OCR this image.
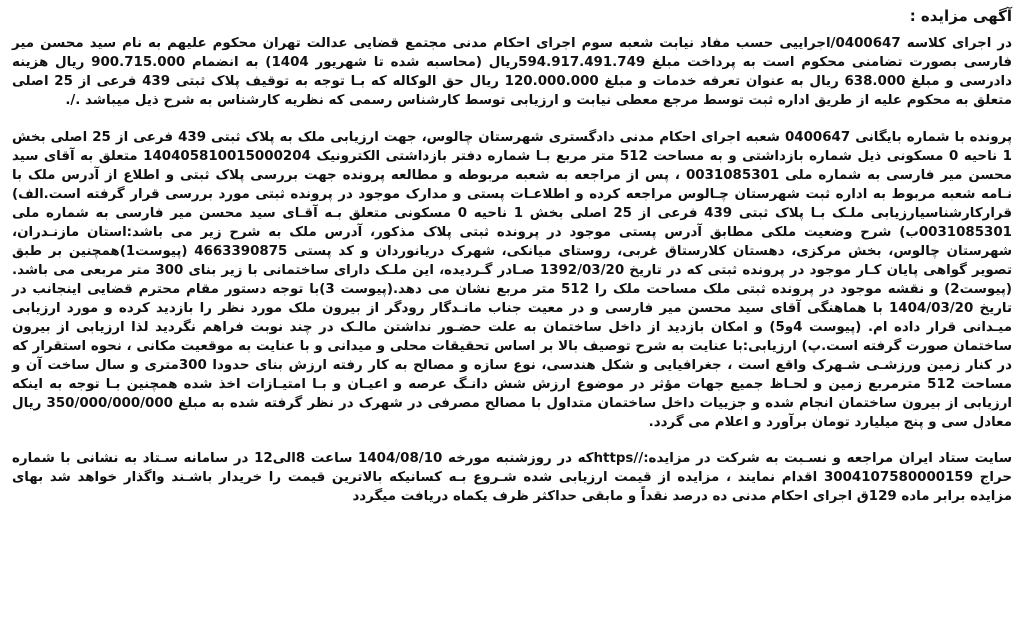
آگهی مزایده :

در اجرای کلاسه 0400647/اجراییی حسب مفاد نیابت شعبه سوم اجرای احکام مدنی مجتمع قضایی عدالت تهران محکوم علیهم به نام سید محسن میر فارسی بصورت تضامنی محکوم است به پرداخت مبلغ 594.917.491.749ریال (محاسبه شده تا شهریور 1404) به انضمام 900.715.000 ریال هزینه دادرسی و مبلغ 638.000 ریال به عنوان تعرفه خدمات و مبلغ 120.000.000 ریال حق الوکاله که بـا توجه به توقیف پلاک ثبتی 439 فرعی از 25 اصلی متعلق به محکوم علیه از طریق اداره ثبت توسط مرجع معطی نیابت و ارزیابی توسط کارشناس رسمی که نظریه کارشناس به شرح ذیل میباشد ./.

پرونده با شماره بایگانی 0400647 شعبه اجرای احکام مدنی دادگستری شهرستان چالوس، جهت ارزیابی ملک به پلاک ثبتی 439 فرعی از 25 اصلی بخش 1 ناحیه 0 مسکونی ذیل شماره بازداشتی و به مساحت 512 متر مربع بـا شماره دفتر بازداشتی الکترونیک 140405810015000204 متعلق به آقای سید محسن میر فارسی به شماره ملی 0031085301 ، پس از مراجعه به شعبه مربوطه و مطالعه پرونده جهت بررسی پلاک ثبتی و اطلاع از آدرس ملک با نـامه شعبه مربوط به اداره ثبت شهرستان چـالوس مراجعه کرده و اطلاعـات پستی و مدارک موجود در پرونده ثبتی مورد بررسی قرار گرفته است.الف) قرارکارشناسیارزیابی ملـک بـا پلاک ثبتی 439 فرعی از 25 اصلی بخش 1 ناحیه 0 مسکونی متعلق بـه آقـای سید محسن میر فارسی به شماره ملی 0031085301ب) شرح وضعیت ملکی مطابق آدرس پستی موجود در پرونده ثبتی پلاک مذکور، آدرس ملک به شرح زیر می باشد:استان مازنـدران، شهرستان چالوس، بخش مرکزی، دهستان کلارستاق غربی، روستای میانکی، شهرک دریانوردان و کد پستی 4663390875 (پیوست1)همچنین بر طبق تصویر گواهی پایان کـار موجود در پرونده ثبتی که در تاریخ 1392/03/20 صـادر گـردیده، این ملـک دارای ساختمانی با زیر بنای 300 متر مربعی می باشد.(پیوست2) و نقشه موجود در پرونده ثبتی ملک مساحت ملک را 512 متر مربع نشان می دهد.(پیوست 3)با توجه دستور مقام محترم قضایی اینجانب در تاریخ 1404/03/20 با هماهنگی آقای سید محسن میر فارسی و در معیت جناب مانـدگار رودگر از بیرون ملک مورد نظر را بازدید کرده و مورد ارزیابی میـدانی قرار داده ام. (پیوست 4و5) و امکان بازدید از داخل ساختمان به علت حضـور نداشتن مالـک در چند نوبت فراهم نگردید لذا ارزیابی از بیرون ساختمان صورت گرفته است.پ) ارزیابی:با عنایت به شرح توصیف بالا بر اساس تحقیقات محلی و میدانی و با عنایت به موقعیت مکانی ، نحوه استقرار که در کنار زمین ورزشـی شـهرک واقع است ، جغرافیایی و شکل هندسی، نوع سازه و مصالح به کار رفته ارزش بنای حدودا 300متری و سال ساخت آن و مساحت 512 مترمربع زمین و لحـاظ جمیع جهات مؤثر در موضوع ارزش شش دانـگ عرصه و اعیـان و بـا امتیـازات اخذ شده همچنین بـا توجه به اینکه ارزیابی از بیرون ساختمان انجام شده و جزییات داخل ساختمان متداول با مصالح مصرفی در شهرک در نظر گرفته شده به مبلغ 350/000/000/000 ریال معادل سی و پنج میلیارد تومان برآورد و اعلام می گردد.

سایت ستاد ایران مراجعه و نسـبت به شرکت در مزایده://httpsکه در روزشنبه مورخه 1404/08/10 ساعت 8الی12 در سامانه سـتاد به نشانی با شماره حراج 3004107580000159 اقدام نمایند ، مزایده از قیمت ارزیابی شده شـروع بـه کسانیکه بالاترین قیمت را خریدار باشـند واگذار خواهد شد بهای مزایده برابر ماده 129ق اجرای احکام مدنی ده درصد نقداً و مابقی حداکثر ظرف یکماه دریافت میگردد
